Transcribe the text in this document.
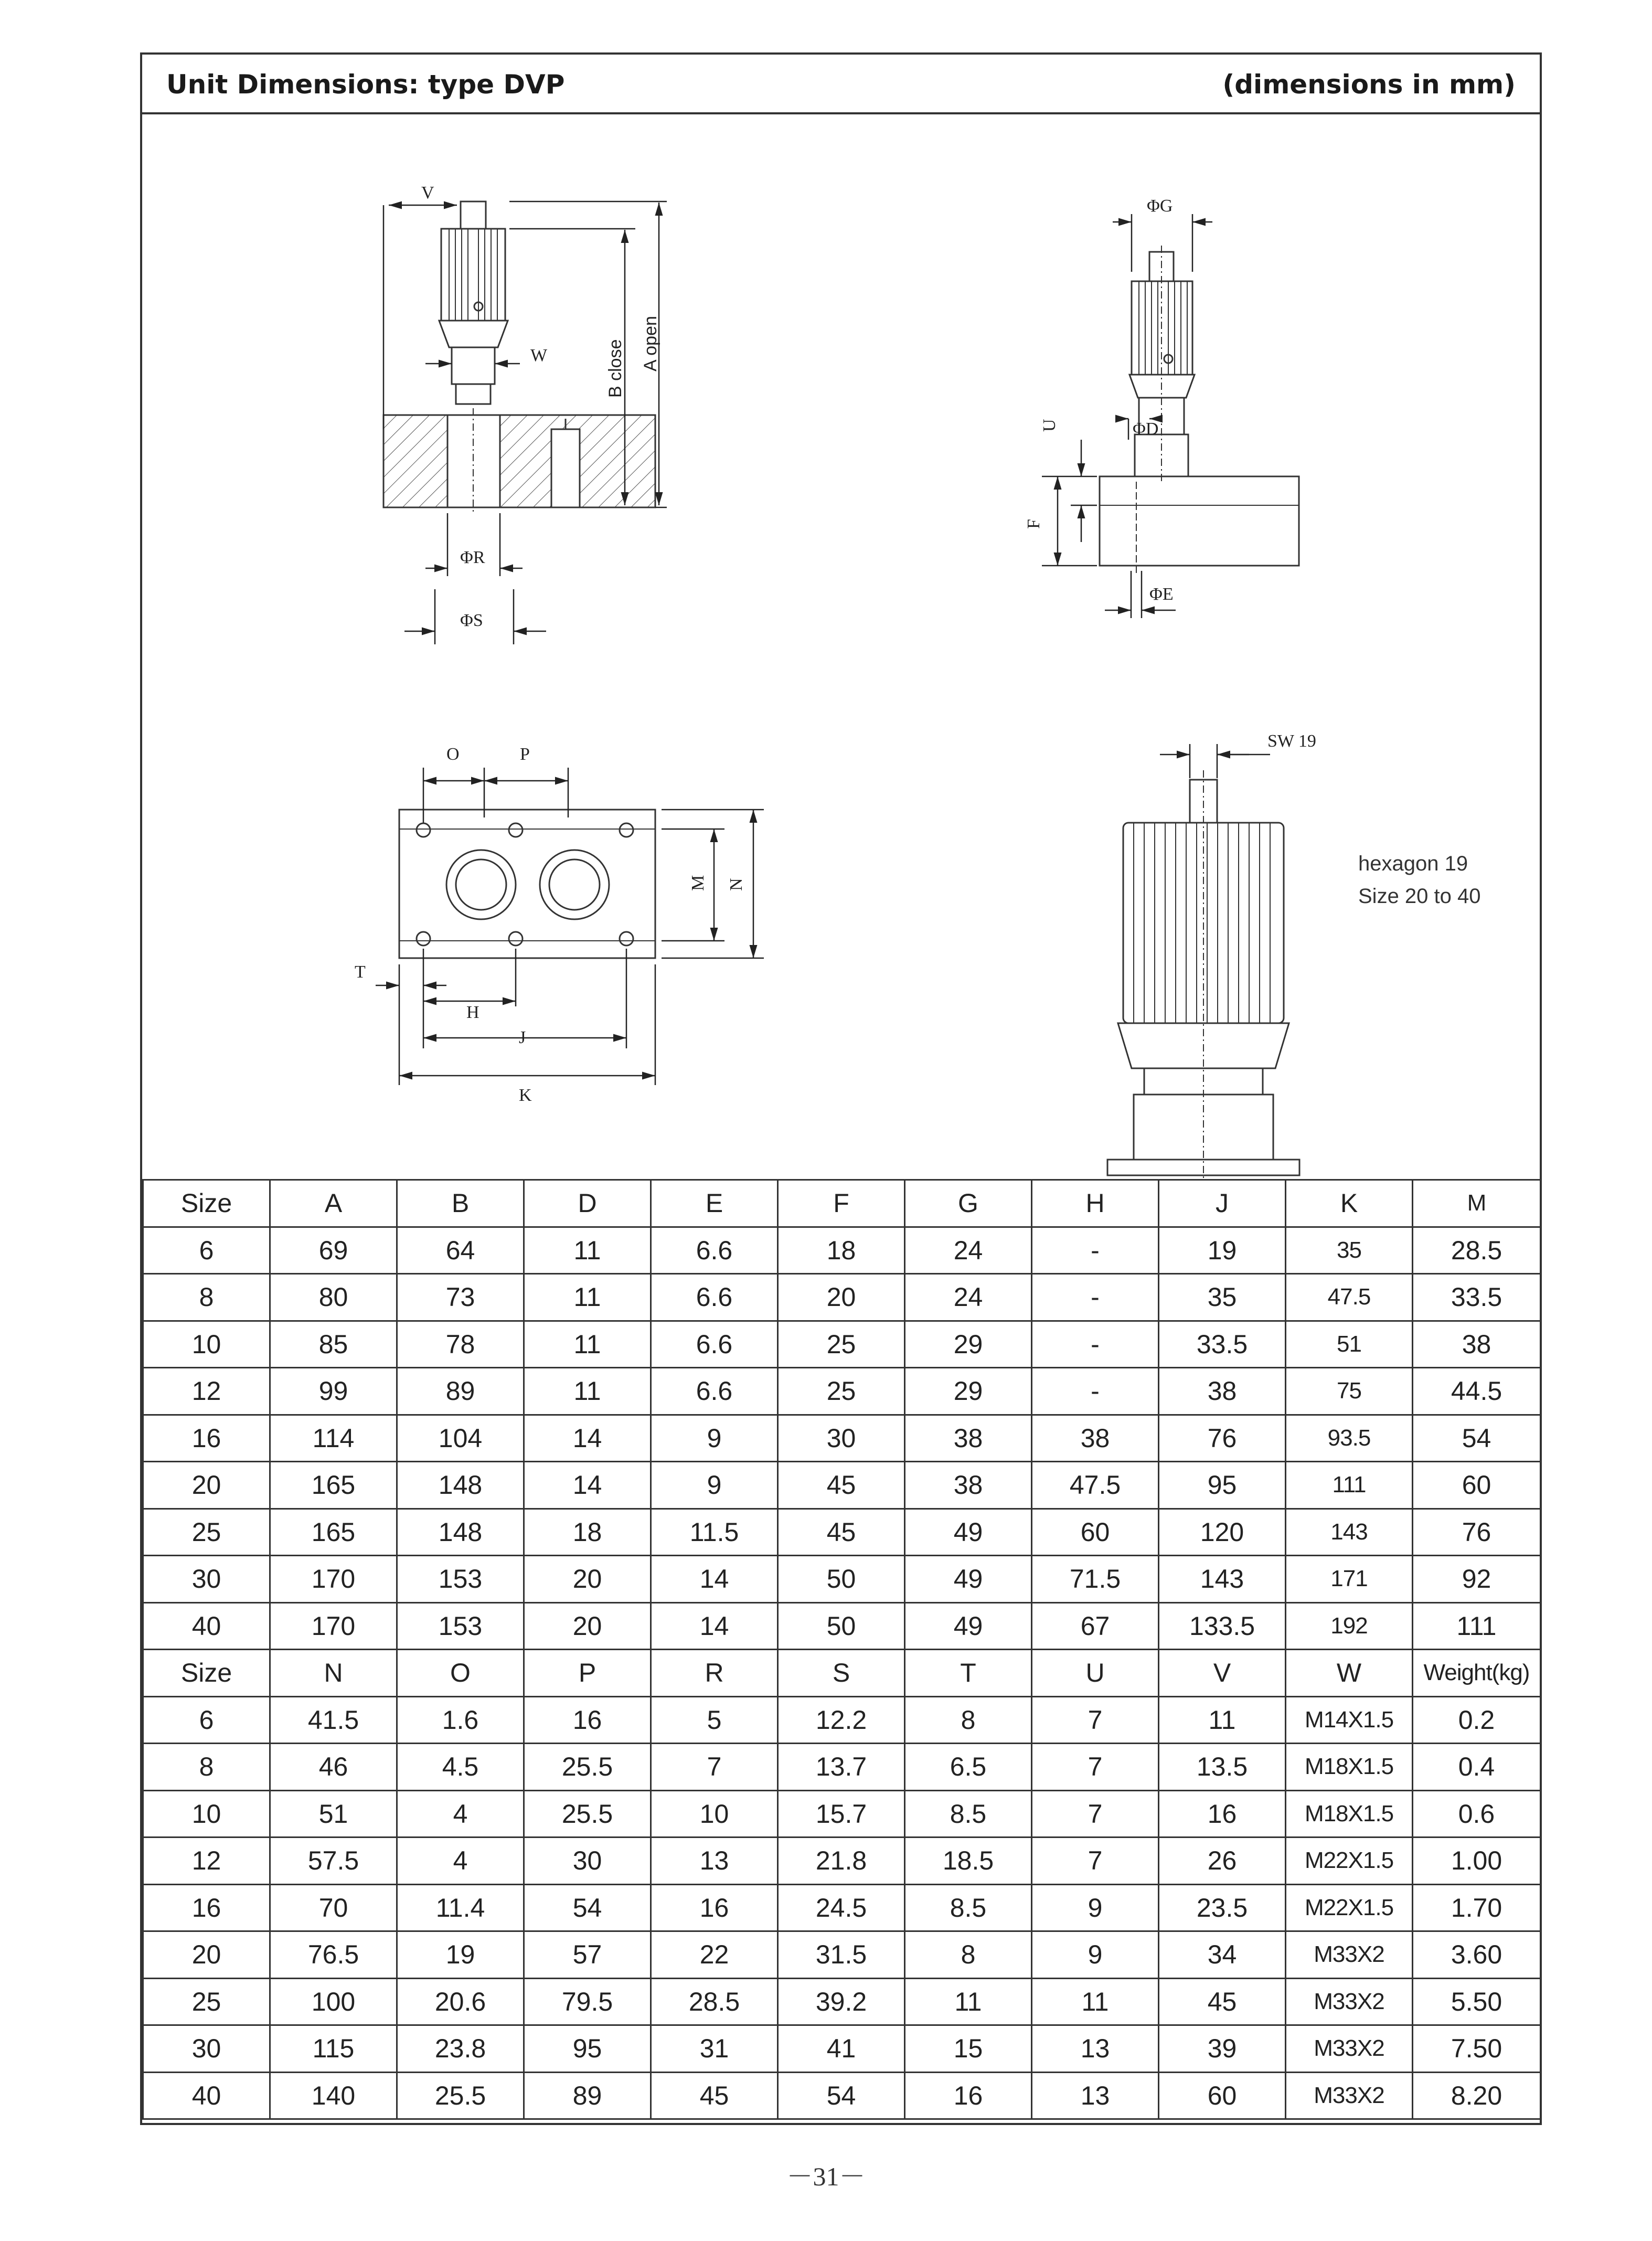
Unit Dimensions: type DVP	(dimensions in mm)
V
W	B close A open
ΦR
ΦS
ΦG
ΦD
U
F
ΦE
O	P
M N
T
H
J
K
SW 19
hexagon 19
Size 20 to 40
Size	A	B	D	E	F	G	H	J	K	M
6	69	64	11	6.6	18	24	-	19	35	28.5
8	80	73	11	6.6	20	24	-	35	47.5	33.5
10	85	78	11	6.6	25	29	-	33.5	51	38
12	99	89	11	6.6	25	29	-	38	75	44.5
16	114	104	14	9	30	38	38	76	93.5	54
20	165	148	14	9	45	38	47.5	95	111	60
25	165	148	18	11.5	45	49	60	120	143	76
30	170	153	20	14	50	49	71.5	143	171	92
40	170	153	20	14	50	49	67	133.5	192	111
Size	N	O	P	R	S	T	U	V	W	Weight(kg)
6	41.5	1.6	16	5	12.2	8	7	11	M14X1.5	0.2
8	46	4.5	25.5	7	13.7	6.5	7	13.5	M18X1.5	0.4
10	51	4	25.5	10	15.7	8.5	7	16	M18X1.5	0.6
12	57.5	4	30	13	21.8	18.5	7	26	M22X1.5	1.00
16	70	11.4	54	16	24.5	8.5	9	23.5	M22X1.5	1.70
20	76.5	19	57	22	31.5	8	9	34	M33X2	3.60
25	100	20.6	79.5	28.5	39.2	11	11	45	M33X2	5.50
30	115	23.8	95	31	41	15	13	39	M33X2	7.50
40	140	25.5	89	45	54	16	13	60	M33X2	8.20
－31－
